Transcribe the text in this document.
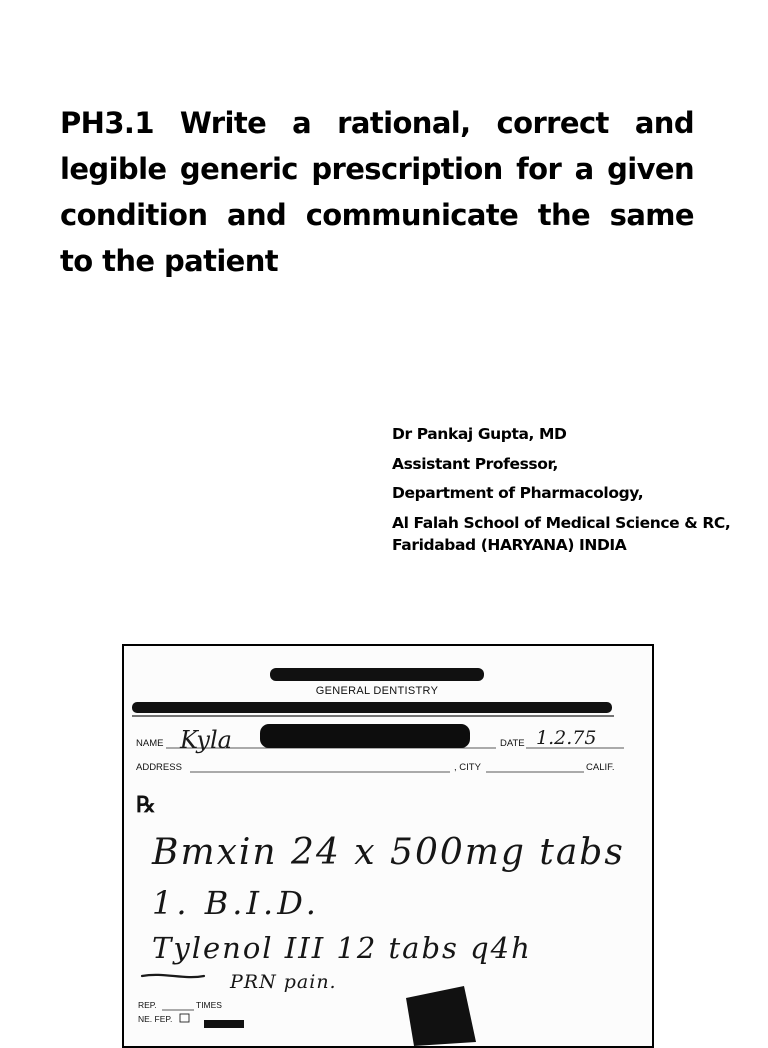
PH3.1 Write a rational, correct and legible generic prescription for a given condition and communicate the same to the patient
Dr Pankaj Gupta, MD
Assistant Professor,
Department of Pharmacology,
Al Falah School of Medical Science & RC,
Faridabad (HARYANA) INDIA
GENERAL DENTISTRY
NAME Kyla	DATE 1.2.75
ADDRESS	, CITY	CALIF.
℞
Bmxin 24 x 500mg tabs
1. B.I.D.
Tylenol III 12 tabs q4h
PRN pain.
REP.	TIMES
NE. FEP.
